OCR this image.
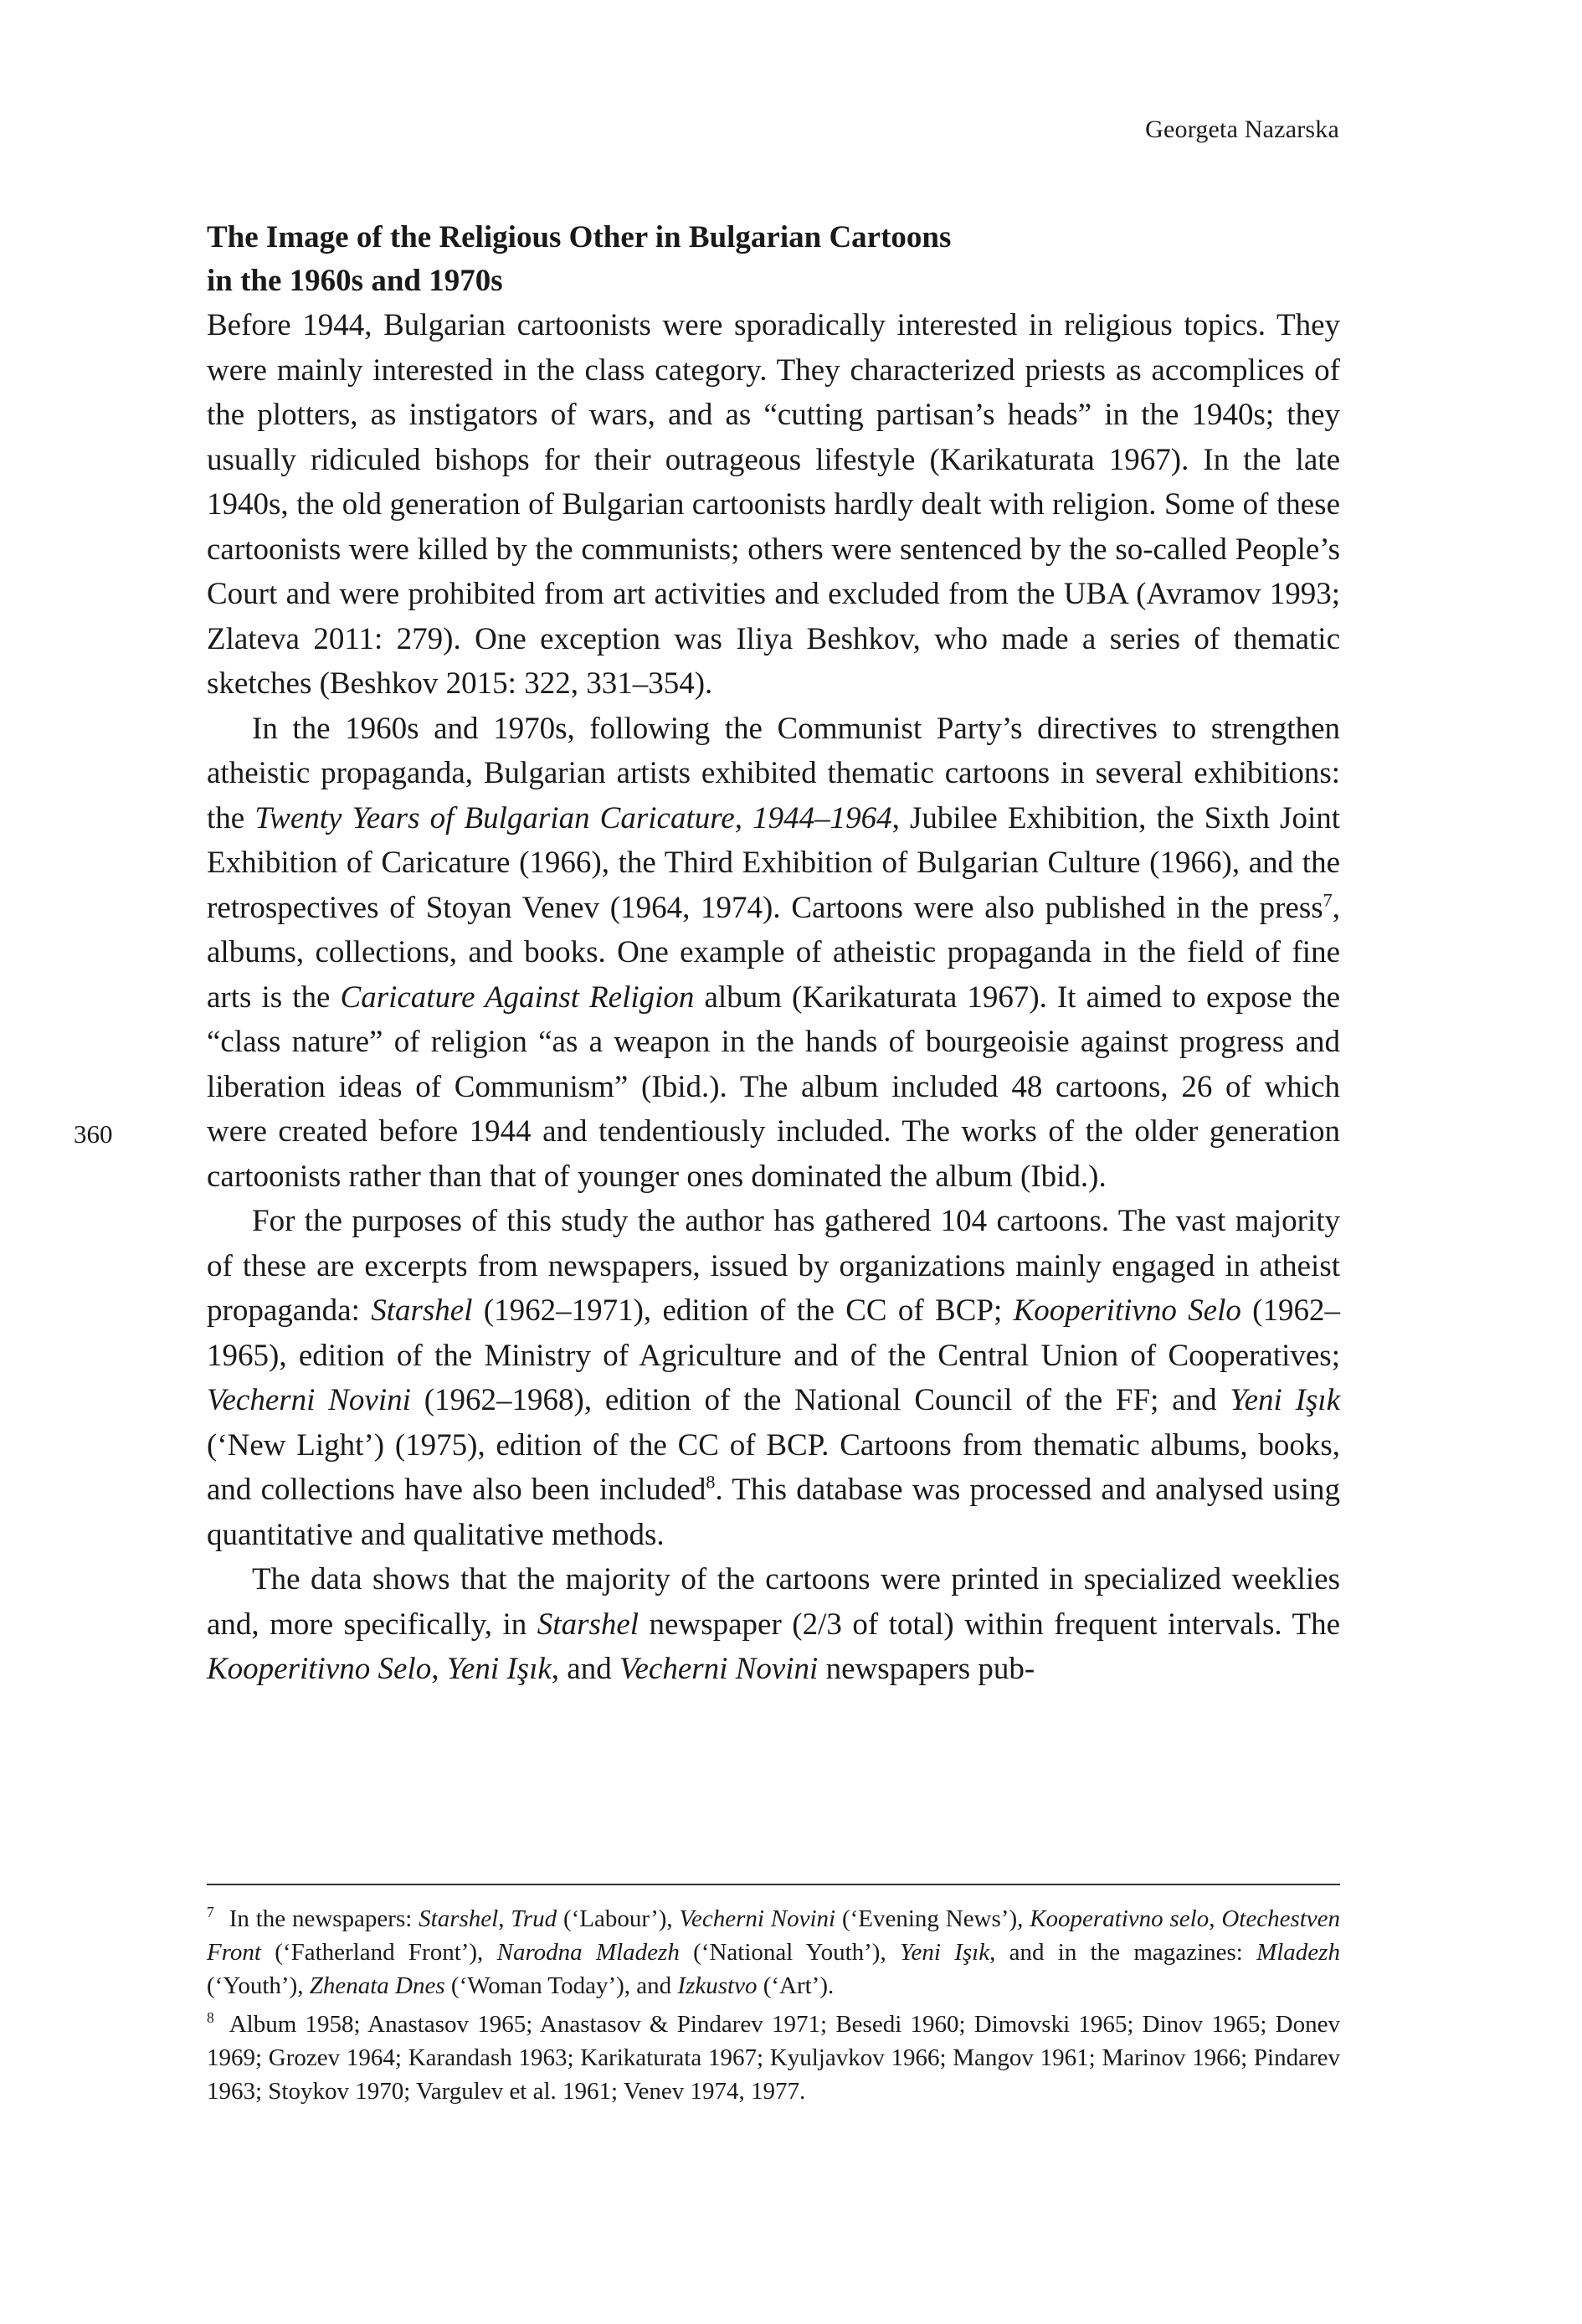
Georgeta Nazarska
360
The Image of the Religious Other in Bulgarian Cartoons
in the 1960s and 1970s

Before 1944, Bulgarian cartoonists were sporadically interested in religious topics. They were mainly interested in the class category. They characterized priests as accomplices of the plotters, as instigators of wars, and as “cutting partisan’s heads” in the 1940s; they usually ridiculed bishops for their outrageous lifestyle (Karikaturata 1967). In the late 1940s, the old generation of Bulgarian cartoonists hardly dealt with religion. Some of these cartoonists were killed by the communists; others were sentenced by the so-called People’s Court and were prohibited from art activities and excluded from the UBA (Avramov 1993; Zlateva 2011: 279). One exception was Iliya Beshkov, who made a series of thematic sketches (Beshkov 2015: 322, 331–354).

In the 1960s and 1970s, following the Communist Party’s directives to strengthen atheistic propaganda, Bulgarian artists exhibited thematic cartoons in several exhibitions: the Twenty Years of Bulgarian Caricature, 1944–1964, Jubilee Exhibition, the Sixth Joint Exhibition of Caricature (1966), the Third Exhibition of Bulgarian Culture (1966), and the retrospectives of Stoyan Venev (1964, 1974). Cartoons were also published in the press$^7$, albums, collections, and books. One example of atheistic propaganda in the field of fine arts is the Caricature Against Religion album (Karikaturata 1967). It aimed to expose the “class nature” of religion “as a weapon in the hands of bourgeoisie against progress and liberation ideas of Communism” (Ibid.). The album included 48 cartoons, 26 of which were created before 1944 and tendentiously included. The works of the older generation cartoonists rather than that of younger ones dominated the album (Ibid.).

For the purposes of this study the author has gathered 104 cartoons. The vast majority of these are excerpts from newspapers, issued by organizations mainly engaged in atheist propaganda: Starshel (1962–1971), edition of the CC of BCP; Kooperitivno Selo (1962–1965), edition of the Ministry of Agriculture and of the Central Union of Cooperatives; Vecherni Novini (1962–1968), edition of the National Council of the FF; and Yeni Işık (‘New Light’) (1975), edition of the CC of BCP. Cartoons from thematic albums, books, and collections have also been included$^8$. This database was processed and analysed using quantitative and qualitative methods.

The data shows that the majority of the cartoons were printed in specialized weeklies and, more specifically, in Starshel newspaper (2/3 of total) within frequent intervals. The Kooperitivno Selo, Yeni Işık, and Vecherni Novini newspapers pub-

$^7$ In the newspapers: Starshel, Trud (‘Labour’), Vecherni Novini (‘Evening News’), Kooperativno selo, Otechestven Front (‘Fatherland Front’), Narodna Mladezh (‘National Youth’), Yeni Işık, and in the magazines: Mladezh (‘Youth’), Zhenata Dnes (‘Woman Today’), and Izkustvo (‘Art’).

$^8$ Album 1958; Anastasov 1965; Anastasov & Pindarev 1971; Besedi 1960; Dimovski 1965; Dinov 1965; Donev 1969; Grozev 1964; Karandash 1963; Karikaturata 1967; Kyuljavkov 1966; Mangov 1961; Marinov 1966; Pindarev 1963; Stoykov 1970; Vargulev et al. 1961; Venev 1974, 1977.
